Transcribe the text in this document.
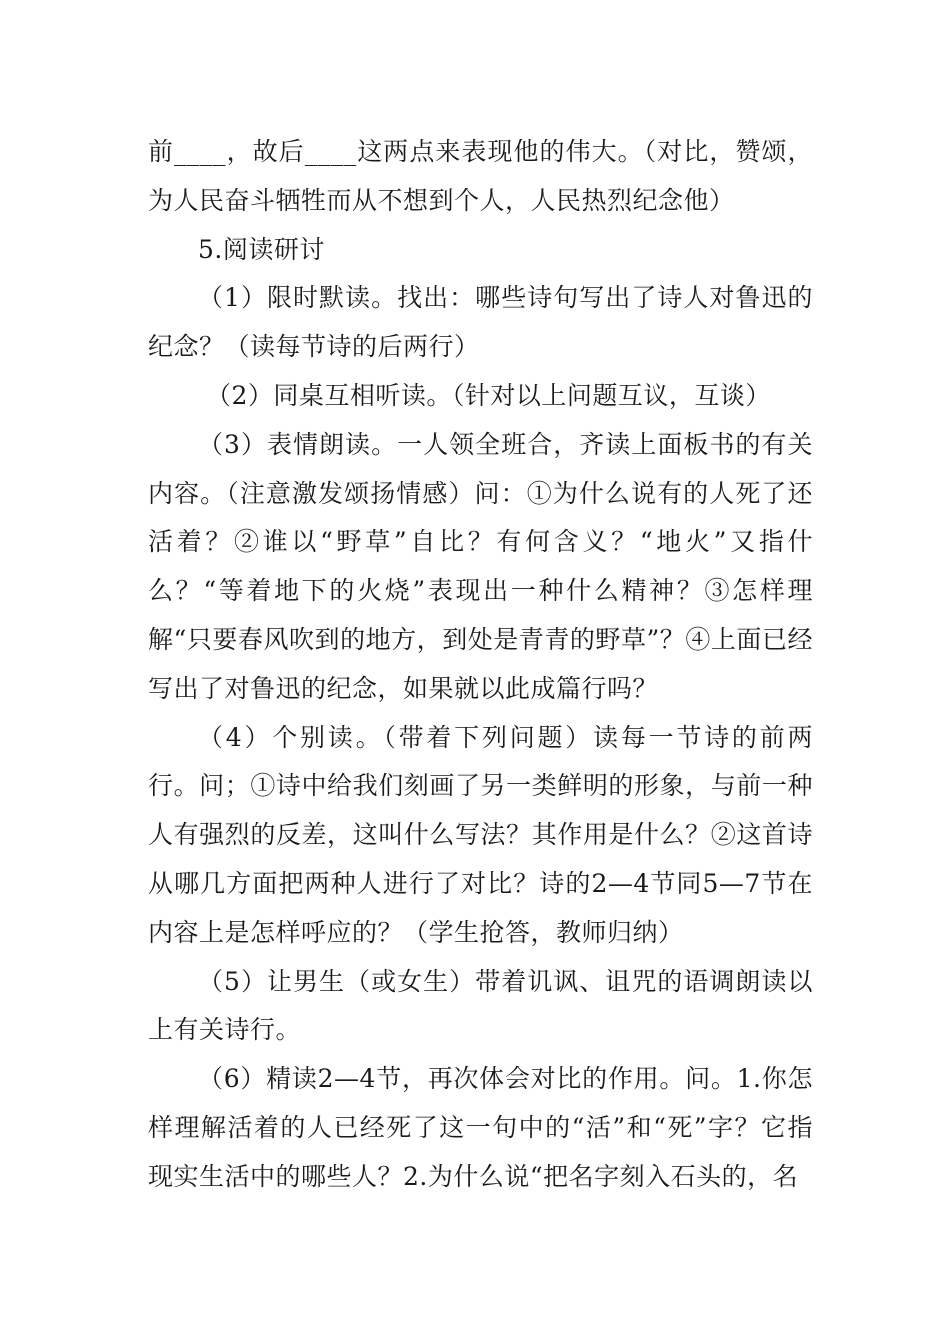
前____，故后____这两点来表现他的伟大。（对比，赞颂，为人民奋斗牺牲而从不想到个人，人民热烈纪念他）

5.阅读研讨

（1）限时默读。找出：哪些诗句写出了诗人对鲁迅的纪念？（读每节诗的后两行）

（2）同桌互相听读。（针对以上问题互议，互谈）

（3）表情朗读。一人领全班合，齐读上面板书的有关内容。（注意激发颂扬情感）问：①为什么说有的人死了还活着？②谁以“野草”自比？有何含义？“地火”又指什么？“等着地下的火烧”表现出一种什么精神？③怎样理解“只要春风吹到的地方，到处是青青的野草”？④上面已经写出了对鲁迅的纪念，如果就以此成篇行吗？

（4）个别读。（带着下列问题）读每一节诗的前两行。问；①诗中给我们刻画了另一类鲜明的形象，与前一种人有强烈的反差，这叫什么写法？其作用是什么？②这首诗从哪几方面把两种人进行了对比？诗的2—4节同5—7节在内容上是怎样呼应的？（学生抢答，教师归纳）

（5）让男生（或女生）带着讥讽、诅咒的语调朗读以上有关诗行。

（6）精读2—4节，再次体会对比的作用。问。1.你怎样理解活着的人已经死了这一句中的“活”和“死”字？它指现实生活中的哪些人？2.为什么说“把名字刻入石头的，名
